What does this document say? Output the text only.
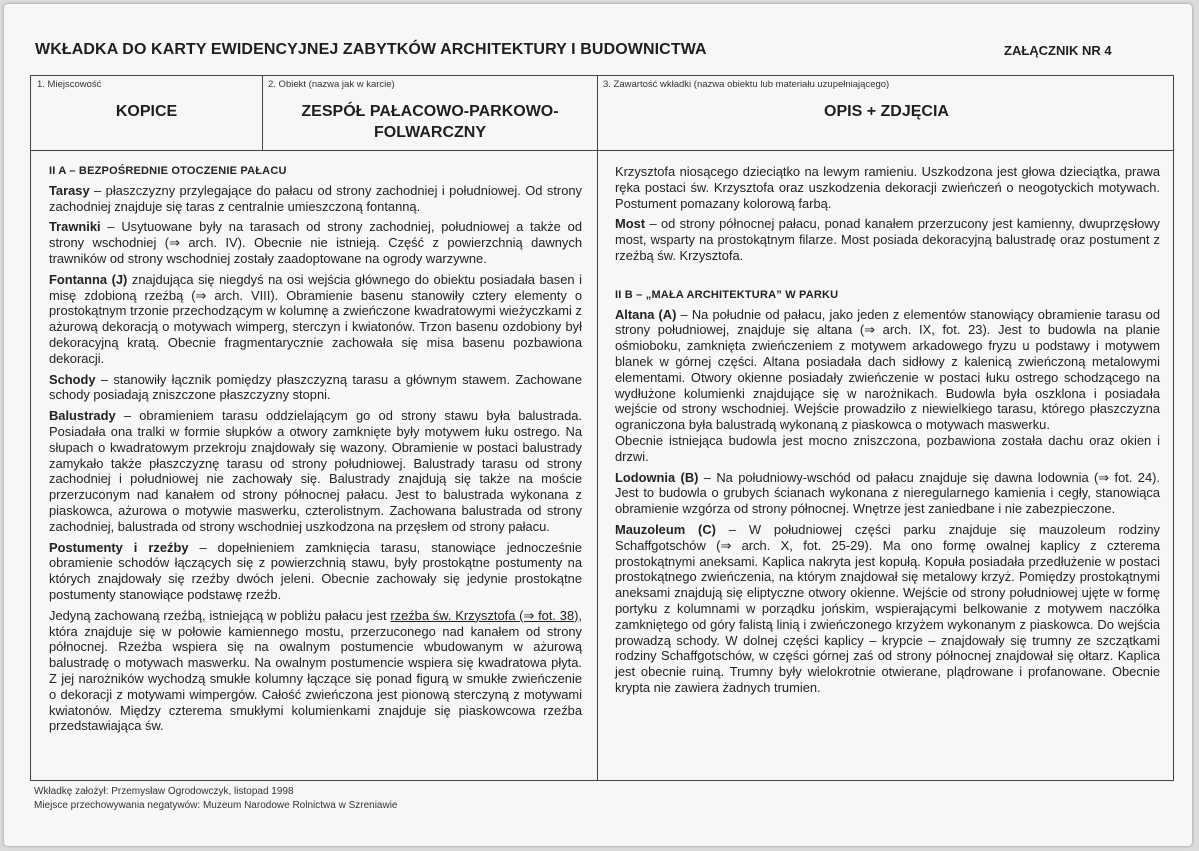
WKŁADKA DO KARTY EWIDENCYJNEJ ZABYTKÓW ARCHITEKTURY I BUDOWNICTWA	ZAŁĄCZNIK NR 4
1. Miejscowość
KOPICE
2. Obiekt (nazwa jak w karcie)
ZESPÓŁ PAŁACOWO-PARKOWO-
FOLWARCZNY
3. Zawartość wkładki (nazwa obiektu lub materiału uzupełniającego)
OPIS + ZDJĘCIA

II A – BEZPOŚREDNIE OTOCZENIE PAŁACU

Tarasy – płaszczyzny przylegające do pałacu od strony zachodniej i południowej. Od strony zachodniej znajduje się taras z centralnie umieszczoną fontanną.

Trawniki – Usytuowane były na tarasach od strony zachodniej, południowej a także od strony wschodniej (⇒ arch. IV). Obecnie nie istnieją. Część z powierzchnią dawnych trawników od strony wschodniej zostały zaadoptowane na ogrody warzywne.

Fontanna (J) znajdująca się niegdyś na osi wejścia głównego do obiektu posiadała basen i misę zdobioną rzeźbą (⇒ arch. VIII). Obramienie basenu stanowiły cztery elementy o prostokątnym trzonie przechodzącym w kolumnę a zwieńczone kwadratowymi wieżyczkami z ażurową dekoracją o motywach wimperg, sterczyn i kwiatonów. Trzon basenu ozdobiony był dekoracyjną kratą. Obecnie fragmentarycznie zachowała się misa basenu pozbawiona dekoracji.

Schody – stanowiły łącznik pomiędzy płaszczyzną tarasu a głównym stawem. Zachowane schody posiadają zniszczone płaszczyzny stopni.

Balustrady – obramieniem tarasu oddzielającym go od strony stawu była balustrada. Posiadała ona tralki w formie słupków a otwory zamknięte były motywem łuku ostrego. Na słupach o kwadratowym przekroju znajdowały się wazony. Obramienie w postaci balustrady zamykało także płaszczyznę tarasu od strony południowej. Balustrady tarasu od strony zachodniej i południowej nie zachowały się. Balustrady znajdują się także na moście przerzuconym nad kanałem od strony północnej pałacu. Jest to balustrada wykonana z piaskowca, ażurowa o motywie maswerku, czterolistnym. Zachowana balustrada od strony zachodniej, balustrada od strony wschodniej uszkodzona na przęsłem od strony pałacu.

Postumenty i rzeźby – dopełnieniem zamknięcia tarasu, stanowiące jednocześnie obramienie schodów łączących się z powierzchnią stawu, były prostokątne postumenty na których znajdowały się rzeźby dwóch jeleni. Obecnie zachowały się jedynie prostokątne postumenty stanowiące podstawę rzeźb.

Jedyną zachowaną rzeźbą, istniejącą w pobliżu pałacu jest rzeźba św. Krzysztofa (⇒ fot. 38), która znajduje się w połowie kamiennego mostu, przerzuconego nad kanałem od strony północnej. Rzeźba wspiera się na owalnym postumencie wbudowanym w ażurową balustradę o motywach maswerku. Na owalnym postumencie wspiera się kwadratowa płyta. Z jej narożników wychodzą smukłe kolumny łączące się ponad figurą w smukłe zwieńczenie o dekoracji z motywami wimpergów. Całość zwieńczona jest pionową sterczyną z motywami kwiatonów. Między czterema smukłymi kolumienkami znajduje się piaskowcowa rzeźba przedstawiająca św.

Krzysztofa niosącego dzieciątko na lewym ramieniu. Uszkodzona jest głowa dzieciątka, prawa ręka postaci św. Krzysztofa oraz uszkodzenia dekoracji zwieńczeń o neogotyckich motywach. Postument pomazany kolorową farbą.

Most – od strony północnej pałacu, ponad kanałem przerzucony jest kamienny, dwuprzęsłowy most, wsparty na prostokątnym filarze. Most posiada dekoracyjną balustradę oraz postument z rzeźbą św. Krzysztofa.

II B – „MAŁA ARCHITEKTURA” W PARKU

Altana (A) – Na południe od pałacu, jako jeden z elementów stanowiący obramienie tarasu od strony południowej, znajduje się altana (⇒ arch. IX, fot. 23). Jest to budowla na planie ośmioboku, zamknięta zwieńczeniem z motywem arkadowego fryzu u podstawy i motywem blanek w górnej części. Altana posiadała dach sidłowy z kalenicą zwieńczoną metalowymi elementami. Otwory okienne posiadały zwieńczenie w postaci łuku ostrego schodzącego na wydłużone kolumienki znajdujące się w narożnikach. Budowla była oszklona i posiadała wejście od strony wschodniej. Wejście prowadziło z niewielkiego tarasu, którego płaszczyzna ograniczona była balustradą wykonaną z piaskowca o motywach maswerku.

Obecnie istniejąca budowla jest mocno zniszczona, pozbawiona została dachu oraz okien i drzwi.

Lodownia (B) – Na południowy-wschód od pałacu znajduje się dawna lodownia (⇒ fot. 24). Jest to budowla o grubych ścianach wykonana z nieregularnego kamienia i cegły, stanowiąca obramienie wzgórza od strony północnej. Wnętrze jest zaniedbane i nie zabezpieczone.

Mauzoleum (C) – W południowej części parku znajduje się mauzoleum rodziny Schaffgotschów (⇒ arch. X, fot. 25-29). Ma ono formę owalnej kaplicy z czterema prostokątnymi aneksami. Kaplica nakryta jest kopułą. Kopuła posiadała przedłużenie w postaci prostokątnego zwieńczenia, na którym znajdował się metalowy krzyż. Pomiędzy prostokątnymi aneksami znajdują się eliptyczne otwory okienne. Wejście od strony południowej ujęte w formę portyku z kolumnami w porządku jońskim, wspierającymi belkowanie z motywem naczółka zamkniętego od góry falistą linią i zwieńczonego krzyżem wykonanym z piaskowca. Do wejścia prowadzą schody. W dolnej części kaplicy – krypcie – znajdowały się trumny ze szczątkami rodziny Schaffgotschów, w części górnej zaś od strony północnej znajdował się ołtarz. Kaplica jest obecnie ruiną. Trumny były wielokrotnie otwierane, plądrowane i profanowane. Obecnie krypta nie zawiera żadnych trumien.

Wkładkę założył: Przemysław Ogrodowczyk, listopad 1998
Miejsce przechowywania negatywów: Muzeum Narodowe Rolnictwa w Szreniawie
